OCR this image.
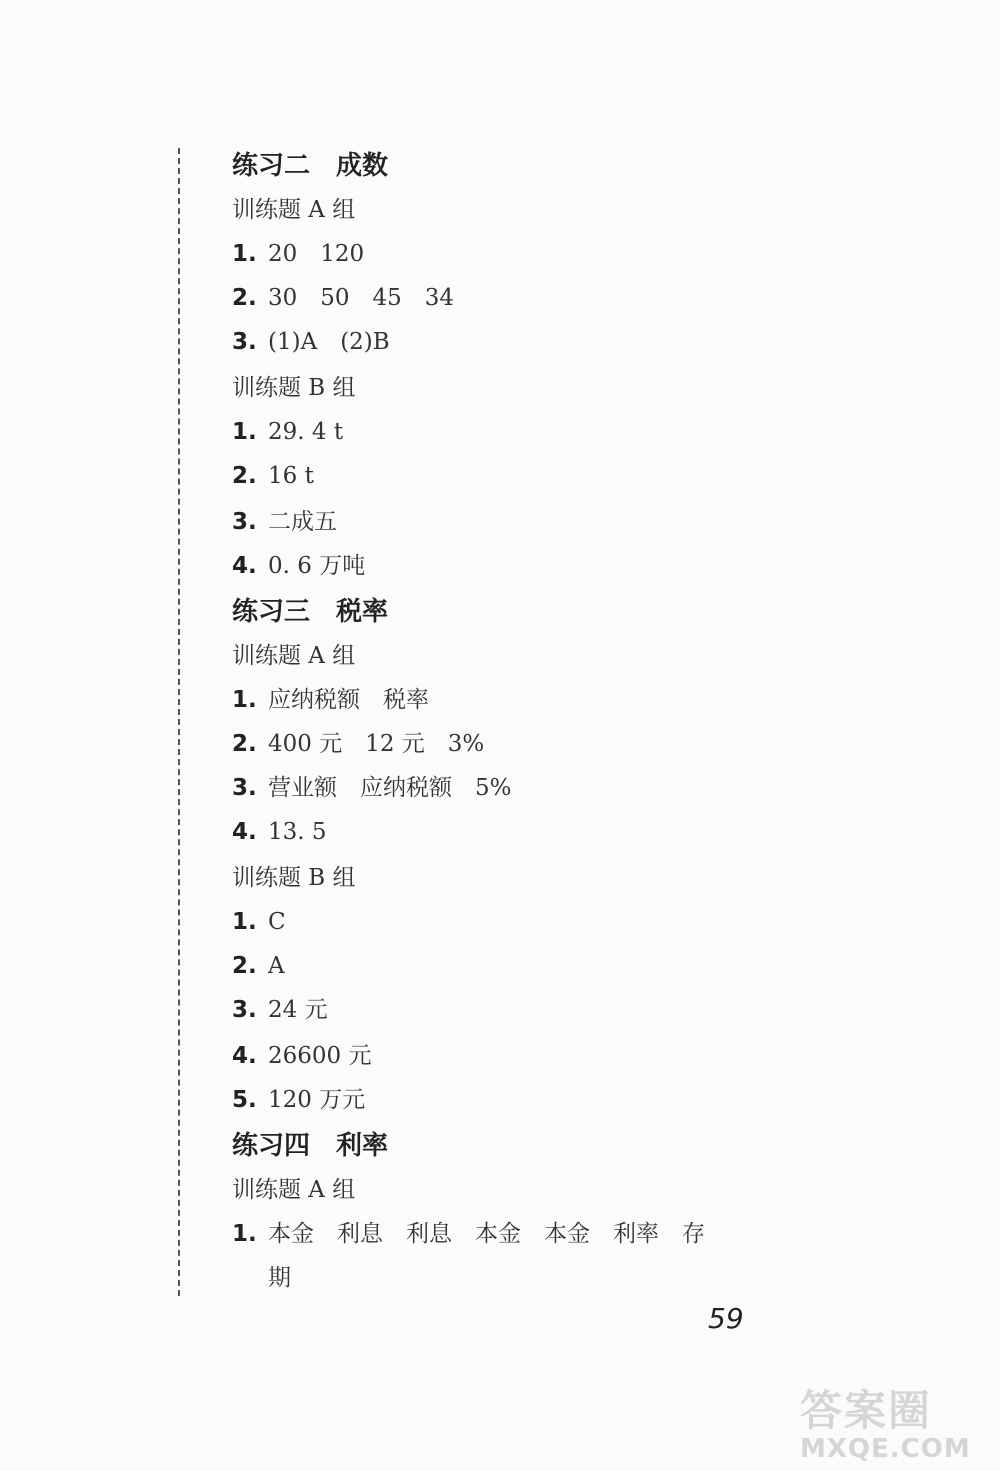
练习二　成数
训练题 A 组
1. 20　120
2. 30　50　45　34
3. (1)A　(2)B
训练题 B 组
1. 29. 4 t
2. 16 t
3. 二成五
4. 0. 6 万吨
练习三　税率
训练题 A 组
1. 应纳税额　税率
2. 400 元　12 元　3%
3. 营业额　应纳税额　5%
4. 13. 5
训练题 B 组
1. C
2. A
3. 24 元
4. 26600 元
5. 120 万元
练习四　利率
训练题 A 组
1. 本金　利息　利息　本金　本金　利率　存
期
59
答案圈
MXQE.COM
